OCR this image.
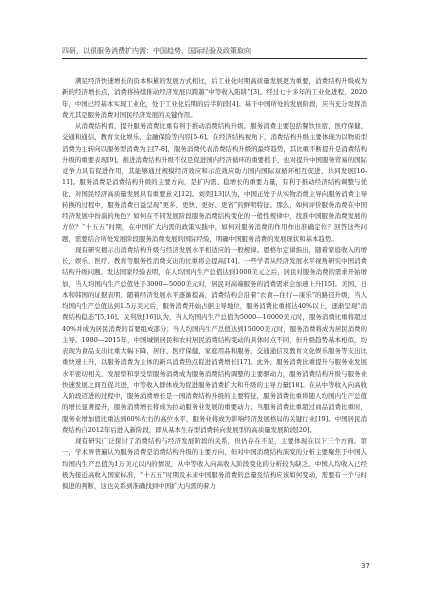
四研，以很服务消费扩内需：中国趋势、国际经验及政策取向

满足经济快速增长的资本积累的发展方式相比，后工业化时期高质量发展更为重要，消费结构升级成为新的经济增长点，消费将持续推动经济发展以跨越“中等收入陷阱”[3]。经过七十多年的工业化进程，2020年，中国已经基本实现工业化，处于工业化后期的后半阶段[4]。基于中国所处的发展阶段，应当充分发挥消费尤其是服务消费对国民经济发展的关键作用。

从消费结构看，提升服务消费比重有利于推动消费结构升级。服务消费主要包括餐饮住宿、医疗保健、交通和通信、教育文化娱乐、金融保险等内容[5-6]。在经济结构视角下，消费结构升级主要体现为以物质型消费为主转向以服务型消费为主[7-8]，服务消费代表消费结构升级的最终趋势，其比重不断提升是消费结构升级的重要表现[9]。推进消费结构升级不仅是促进国内经济循环的重要抓手，也对提升中国服务贸易的国际竞争力具有促进作用，其能够通过规模经济效应和示范效应助力国内国际双循环相互促进、共同发展[10-11]。服务消费是消费结构升级的主要方向，是扩内需、稳增长的重要力量，有利于推动经济结构调整与优化，对国民经济高质量发展具有重要意义[12]。刘奕[13]认为，中国正处于从实物消费主导向服务消费主导转换的过程中，服务消费日益呈现“更多、更快、更好、更省”的鲜明特征。那么，如何评价服务消费在中国经济发展中扮演的角色？如何在不同发展阶段服务消费结构变化的一般性规律中，找准中国服务消费发展的方位？“十五五”时期，在中国扩大内需的政策实践中，如何对服务消费的作用作出准确定位？回答这些问题，需要结合所处发展阶段服务消费发展的国际经验，明确中国服务消费的发展现状和基本趋势。

现有研究揭示出消费结构升级与经济发展水平相适应的一般规律。恩格尔定律指出，随着家庭收入的增长，娱乐、医疗、教育等服务性消费支出的比重将会提高[14]。一些学者从经济发展水平视角研究中国消费结构升级问题。发达国家经验表明，在人均国内生产总值达到1000美元之后，居民对服务消费的需求开始增加，当人均国内生产总值处于3000—5000美元时，居民对高端服务的消费需求会加速上升[15]。美国、日本和韩国的证据表明，随着经济发展水平逐渐提高，消费结构会沿着“衣食—住行—康乐”的路径升级，当人均国内生产总值达到1.5万美元后，服务消费开始占据主导地位，服务消费比重将达40%以上，逐渐呈现“消费结构稳态”[5,16]。关利欣[16]认为，当人均国内生产总值为5000—10000美元时，服务消费比重将超过40%并成为居民消费的首要组成部分；当人均国内生产总值达到15000美元时，服务消费将成为居民消费的主导。1980—2015年，中国城镇居民和农村居民消费结构变动的具体时点不同，但升级趋势基本相似，均表现为食品支出比重大幅下降，居住、医疗保健、家庭用品和服务、交通通信及教育文化娱乐服务等支出比重快速上升，以服务消费为主体的新兴消费热点促进消费增长[17]。此外，服务消费比重提升与服务业发展水平密切相关，发展型和享受型服务消费成为服务消费结构调整的主要驱动力，服务消费结构升级与服务业快速发展之间互促共进，中等收入群体成为促进服务消费扩大和升级的主导力量[18]。在从中等收入向高收入阶段迈进的过程中，服务消费增长是一国消费结构升级的主要特征，服务消费比重将随人均国内生产总值的增长显著提升，服务消费增长将成为拉动服务业发展的重要动力；当服务消费比重超过商品消费比重时，服务业增加值比重达到60%左右的高位水平，服务业将成为影响经济发展格局的关键行业[19]。中国居民消费结构自2012年后进入新阶段，即从基本生存型消费转向发展型的高质量发展阶段[20]。

现有研究广泛探讨了消费结构与经济发展阶段的关系，但仍存在不足，主要体现在以下三个方面。第一，学术界普遍认为服务消费是消费结构升级的主要方向，但对中国消费结构演变的分析主要聚焦于中国人均国内生产总值为1万美元以内的情况，从中等收入向高收入阶段变化的分析较为缺乏。中国人均收入已经极为接近高收入国家标准，“十五五”时期及未来中国服务消费的总量及结构应该如何变动，需要有一个与时俱进的判断，这也关系到准确找到中国扩大内需的着力

37
